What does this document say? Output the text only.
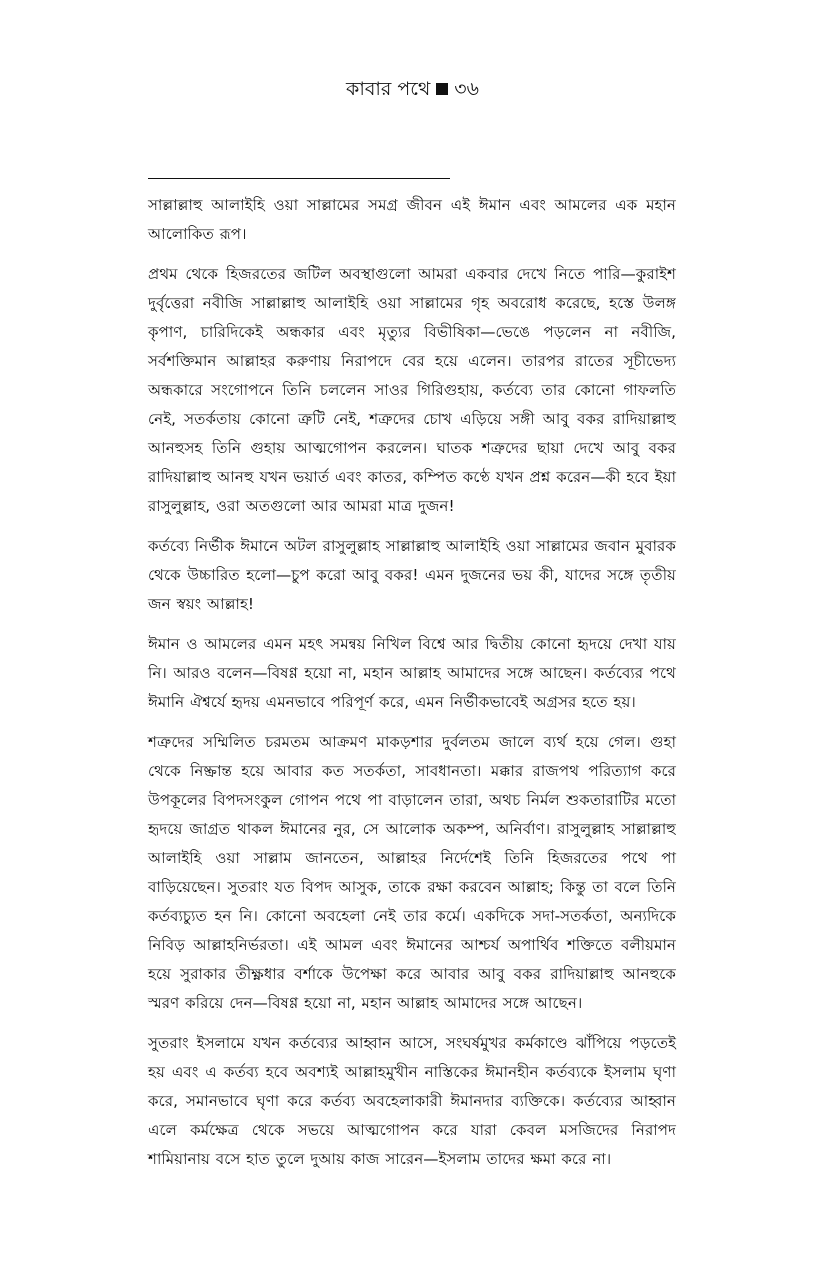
কাবার পথে ৩৬

সাল্লাল্লাহু আলাইহি ওয়া সাল্লামের সমগ্র জীবন এই ঈমান এবং আমলের এক মহান আলোকিত রূপ।

প্রথম থেকে হিজরতের জটিল অবস্থাগুলো আমরা একবার দেখে নিতে পারি—কুরাইশ দুর্বৃত্তেরা নবীজি সাল্লাল্লাহু আলাইহি ওয়া সাল্লামের গৃহ অবরোধ করেছে, হস্তে উলঙ্গ কৃপাণ, চারিদিকেই অন্ধকার এবং মৃত্যুর বিভীষিকা—ভেঙে পড়লেন না নবীজি, সর্বশক্তিমান আল্লাহর করুণায় নিরাপদে বের হয়ে এলেন। তারপর রাতের সূচীভেদ্য অন্ধকারে সংগোপনে তিনি চললেন সাওর গিরিগুহায়, কর্তব্যে তার কোনো গাফলতি নেই, সতর্কতায় কোনো ত্রুটি নেই, শত্রুদের চোখ এড়িয়ে সঙ্গী আবু বকর রাদিয়াল্লাহু আনহুসহ তিনি গুহায় আত্মগোপন করলেন। ঘাতক শত্রুদের ছায়া দেখে আবু বকর রাদিয়াল্লাহু আনহু যখন ভয়ার্ত এবং কাতর, কম্পিত কণ্ঠে যখন প্রশ্ন করেন—কী হবে ইয়া রাসুলুল্লাহ, ওরা অতগুলো আর আমরা মাত্র দুজন!

কর্তব্যে নির্ভীক ঈমানে অটল রাসুলুল্লাহ সাল্লাল্লাহু আলাইহি ওয়া সাল্লামের জবান মুবারক থেকে উচ্চারিত হলো—চুপ করো আবু বকর! এমন দুজনের ভয় কী, যাদের সঙ্গে তৃতীয় জন স্বয়ং আল্লাহ!

ঈমান ও আমলের এমন মহৎ সমন্বয় নিখিল বিশ্বে আর দ্বিতীয় কোনো হৃদয়ে দেখা যায় নি। আরও বলেন—বিষণ্ণ হয়ো না, মহান আল্লাহ আমাদের সঙ্গে আছেন। কর্তব্যের পথে ঈমানি ঐশ্বর্যে হৃদয় এমনভাবে পরিপূর্ণ করে, এমন নির্ভীকভাবেই অগ্রসর হতে হয়।

শত্রুদের সম্মিলিত চরমতম আক্রমণ মাকড়শার দুর্বলতম জালে ব্যর্থ হয়ে গেল। গুহা থেকে নিষ্ক্রান্ত হয়ে আবার কত সতর্কতা, সাবধানতা। মক্কার রাজপথ পরিত্যাগ করে উপকূলের বিপদসংকুল গোপন পথে পা বাড়ালেন তারা, অথচ নির্মল শুকতারাটির মতো হৃদয়ে জাগ্রত থাকল ঈমানের নুর, সে আলোক অকম্প, অনির্বাণ। রাসুলুল্লাহ সাল্লাল্লাহু আলাইহি ওয়া সাল্লাম জানতেন, আল্লাহর নির্দেশেই তিনি হিজরতের পথে পা বাড়িয়েছেন। সুতরাং যত বিপদ আসুক, তাকে রক্ষা করবেন আল্লাহ; কিন্তু তা বলে তিনি কর্তব্যচ্যুত হন নি। কোনো অবহেলা নেই তার কর্মে। একদিকে সদা-সতর্কতা, অন্যদিকে নিবিড় আল্লাহনির্ভরতা। এই আমল এবং ঈমানের আশ্চর্য অপার্থিব শক্তিতে বলীয়মান হয়ে সুরাকার তীক্ষ্ণধার বর্শাকে উপেক্ষা করে আবার আবু বকর রাদিয়াল্লাহু আনহুকে স্মরণ করিয়ে দেন—বিষণ্ণ হয়ো না, মহান আল্লাহ আমাদের সঙ্গে আছেন।

সুতরাং ইসলামে যখন কর্তব্যের আহ্বান আসে, সংঘর্ষমুখর কর্মকাণ্ডে ঝাঁপিয়ে পড়তেই হয় এবং এ কর্তব্য হবে অবশ্যই আল্লাহমুখীন নাস্তিকের ঈমানহীন কর্তব্যকে ইসলাম ঘৃণা করে, সমানভাবে ঘৃণা করে কর্তব্য অবহেলাকারী ঈমানদার ব্যক্তিকে। কর্তব্যের আহ্বান এলে কর্মক্ষেত্র থেকে সভয়ে আত্মগোপন করে যারা কেবল মসজিদের নিরাপদ শামিয়ানায় বসে হাত তুলে দুআয় কাজ সারেন—ইসলাম তাদের ক্ষমা করে না।
